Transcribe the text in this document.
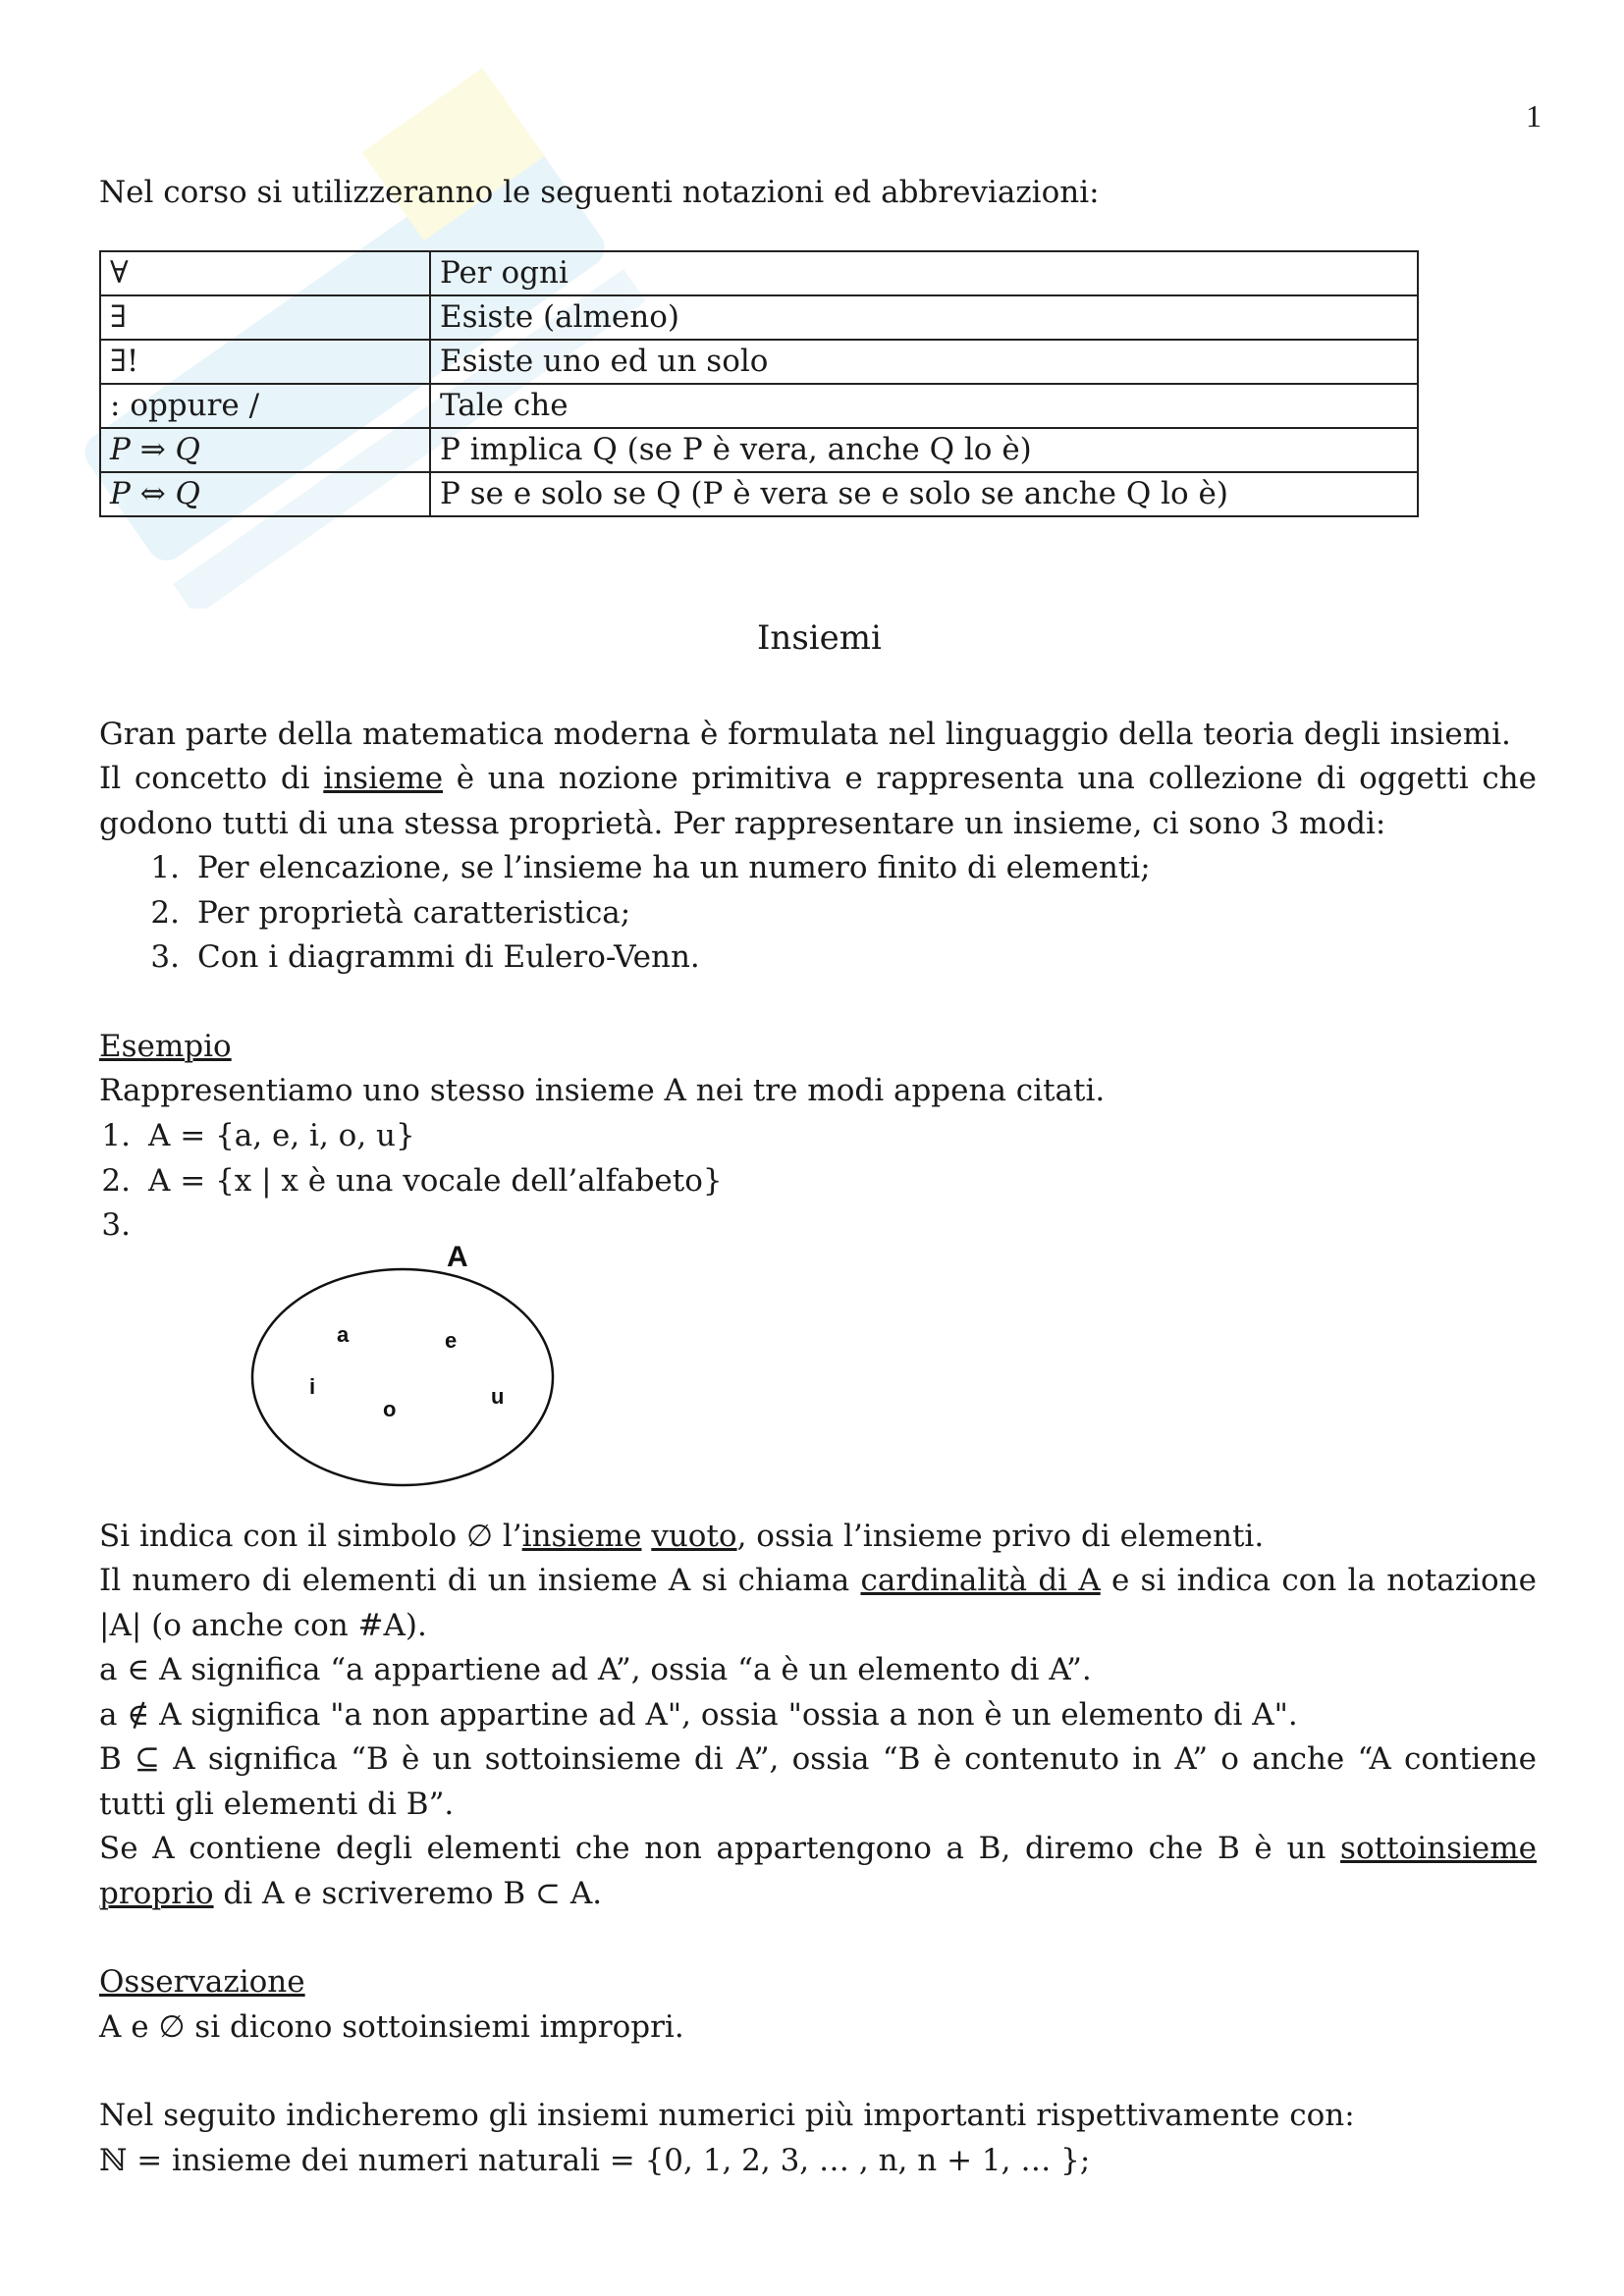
1
Nel corso si utilizzeranno le seguenti notazioni ed abbreviazioni:
∀	Per ogni
∃	Esiste (almeno)
∃!	Esiste uno ed un solo
: oppure /	Tale che
P ⇒ Q	P implica Q (se P è vera, anche Q lo è)
P ⇔ Q	P se e solo se Q (P è vera se e solo se anche Q lo è)
Insiemi
Gran parte della matematica moderna è formulata nel linguaggio della teoria degli insiemi.
Il concetto di insieme è una nozione primitiva e rappresenta una collezione di oggetti che godono tutti di una stessa proprietà. Per rappresentare un insieme, ci sono 3 modi:
1. Per elencazione, se l’insieme ha un numero finito di elementi;
2. Per proprietà caratteristica;
3. Con i diagrammi di Eulero-Venn.
Esempio
Rappresentiamo uno stesso insieme A nei tre modi appena citati.
1. A = {a, e, i, o, u}
2. A = {x | x è una vocale dell’alfabeto}
3.
Si indica con il simbolo ∅ l’insieme vuoto, ossia l’insieme privo di elementi.
Il numero di elementi di un insieme A si chiama cardinalità di A e si indica con la notazione |A| (o anche con #A).
a ∈ A significa “a appartiene ad A”, ossia “a è un elemento di A”.
a ∉ A significa "a non appartine ad A", ossia "ossia a non è un elemento di A".
B ⊆ A significa “B è un sottoinsieme di A”, ossia “B è contenuto in A” o anche “A contiene tutti gli elementi di B”.
Se A contiene degli elementi che non appartengono a B, diremo che B è un sottoinsieme proprio di A e scriveremo B ⊂ A.
Osservazione
A e ∅ si dicono sottoinsiemi impropri.
Nel seguito indicheremo gli insiemi numerici più importanti rispettivamente con:
ℕ = insieme dei numeri naturali = {0, 1, 2, 3, … , n, n + 1, … };
A
a	e
i
o
u
